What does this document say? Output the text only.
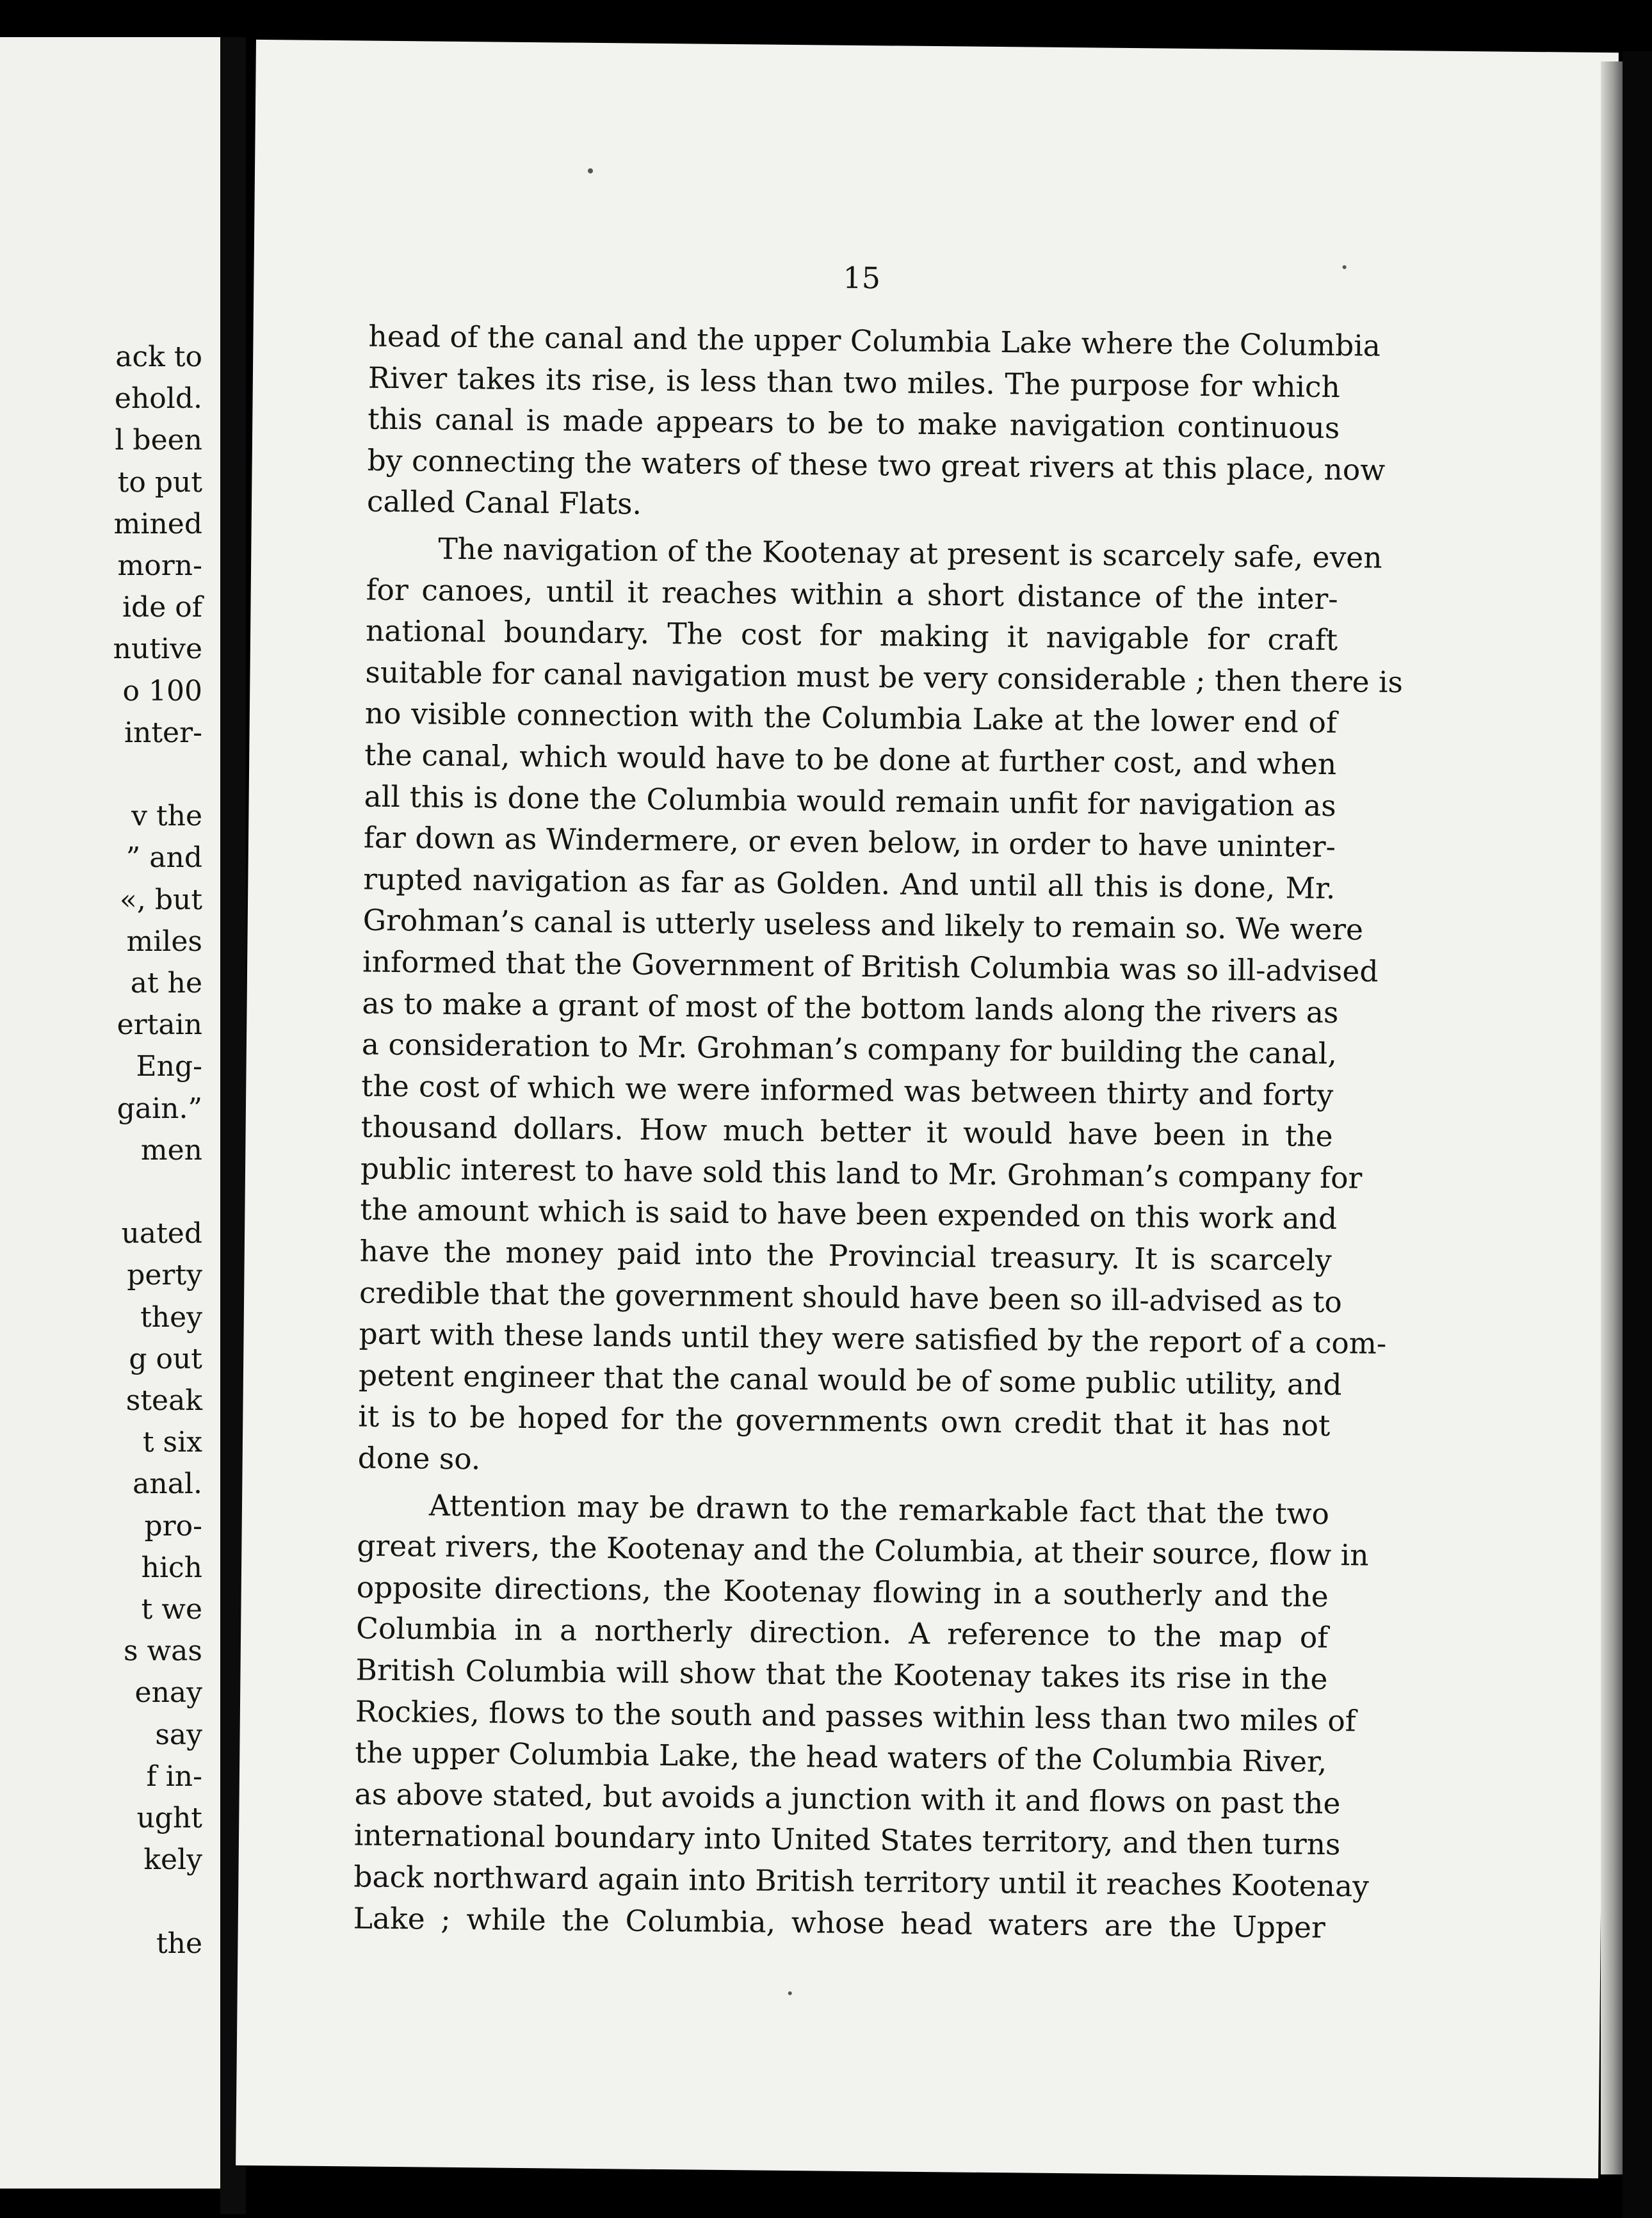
ack to
ehold.
l been
to put
mined
morn-
ide of
nutive
o 100
inter-
v the
” and
«, but
miles
at he
ertain
Eng-
gain.”
men
uated
perty
they
g out
steak
t six
anal.
pro-
hich
t we
s was
enay
say
f in-
ught
kely
the
15
head of the canal and the upper Columbia Lake where the Columbia
River takes its rise, is less than two miles. The purpose for which
this canal is made appears to be to make navigation continuous
by connecting the waters of these two great rivers at this place, now
called Canal Flats.
The navigation of the Kootenay at present is scarcely safe, even
for canoes, until it reaches within a short distance of the inter-
national boundary. The cost for making it navigable for craft
suitable for canal navigation must be very considerable ; then there is
no visible connection with the Columbia Lake at the lower end of
the canal, which would have to be done at further cost, and when
all this is done the Columbia would remain unfit for navigation as
far down as Windermere, or even below, in order to have uninter-
rupted navigation as far as Golden. And until all this is done, Mr.
Grohman’s canal is utterly useless and likely to remain so. We were
informed that the Government of British Columbia was so ill-advised
as to make a grant of most of the bottom lands along the rivers as
a consideration to Mr. Grohman’s company for building the canal,
the cost of which we were informed was between thirty and forty
thousand dollars. How much better it would have been in the
public interest to have sold this land to Mr. Grohman’s company for
the amount which is said to have been expended on this work and
have the money paid into the Provincial treasury. It is scarcely
credible that the government should have been so ill-advised as to
part with these lands until they were satisfied by the report of a com-
petent engineer that the canal would be of some public utility, and
it is to be hoped for the governments own credit that it has not
done so.
Attention may be drawn to the remarkable fact that the two
great rivers, the Kootenay and the Columbia, at their source, flow in
opposite directions, the Kootenay flowing in a southerly and the
Columbia in a northerly direction. A reference to the map of
British Columbia will show that the Kootenay takes its rise in the
Rockies, flows to the south and passes within less than two miles of
the upper Columbia Lake, the head waters of the Columbia River,
as above stated, but avoids a junction with it and flows on past the
international boundary into United States territory, and then turns
back northward again into British territory until it reaches Kootenay
Lake ; while the Columbia, whose head waters are the Upper
